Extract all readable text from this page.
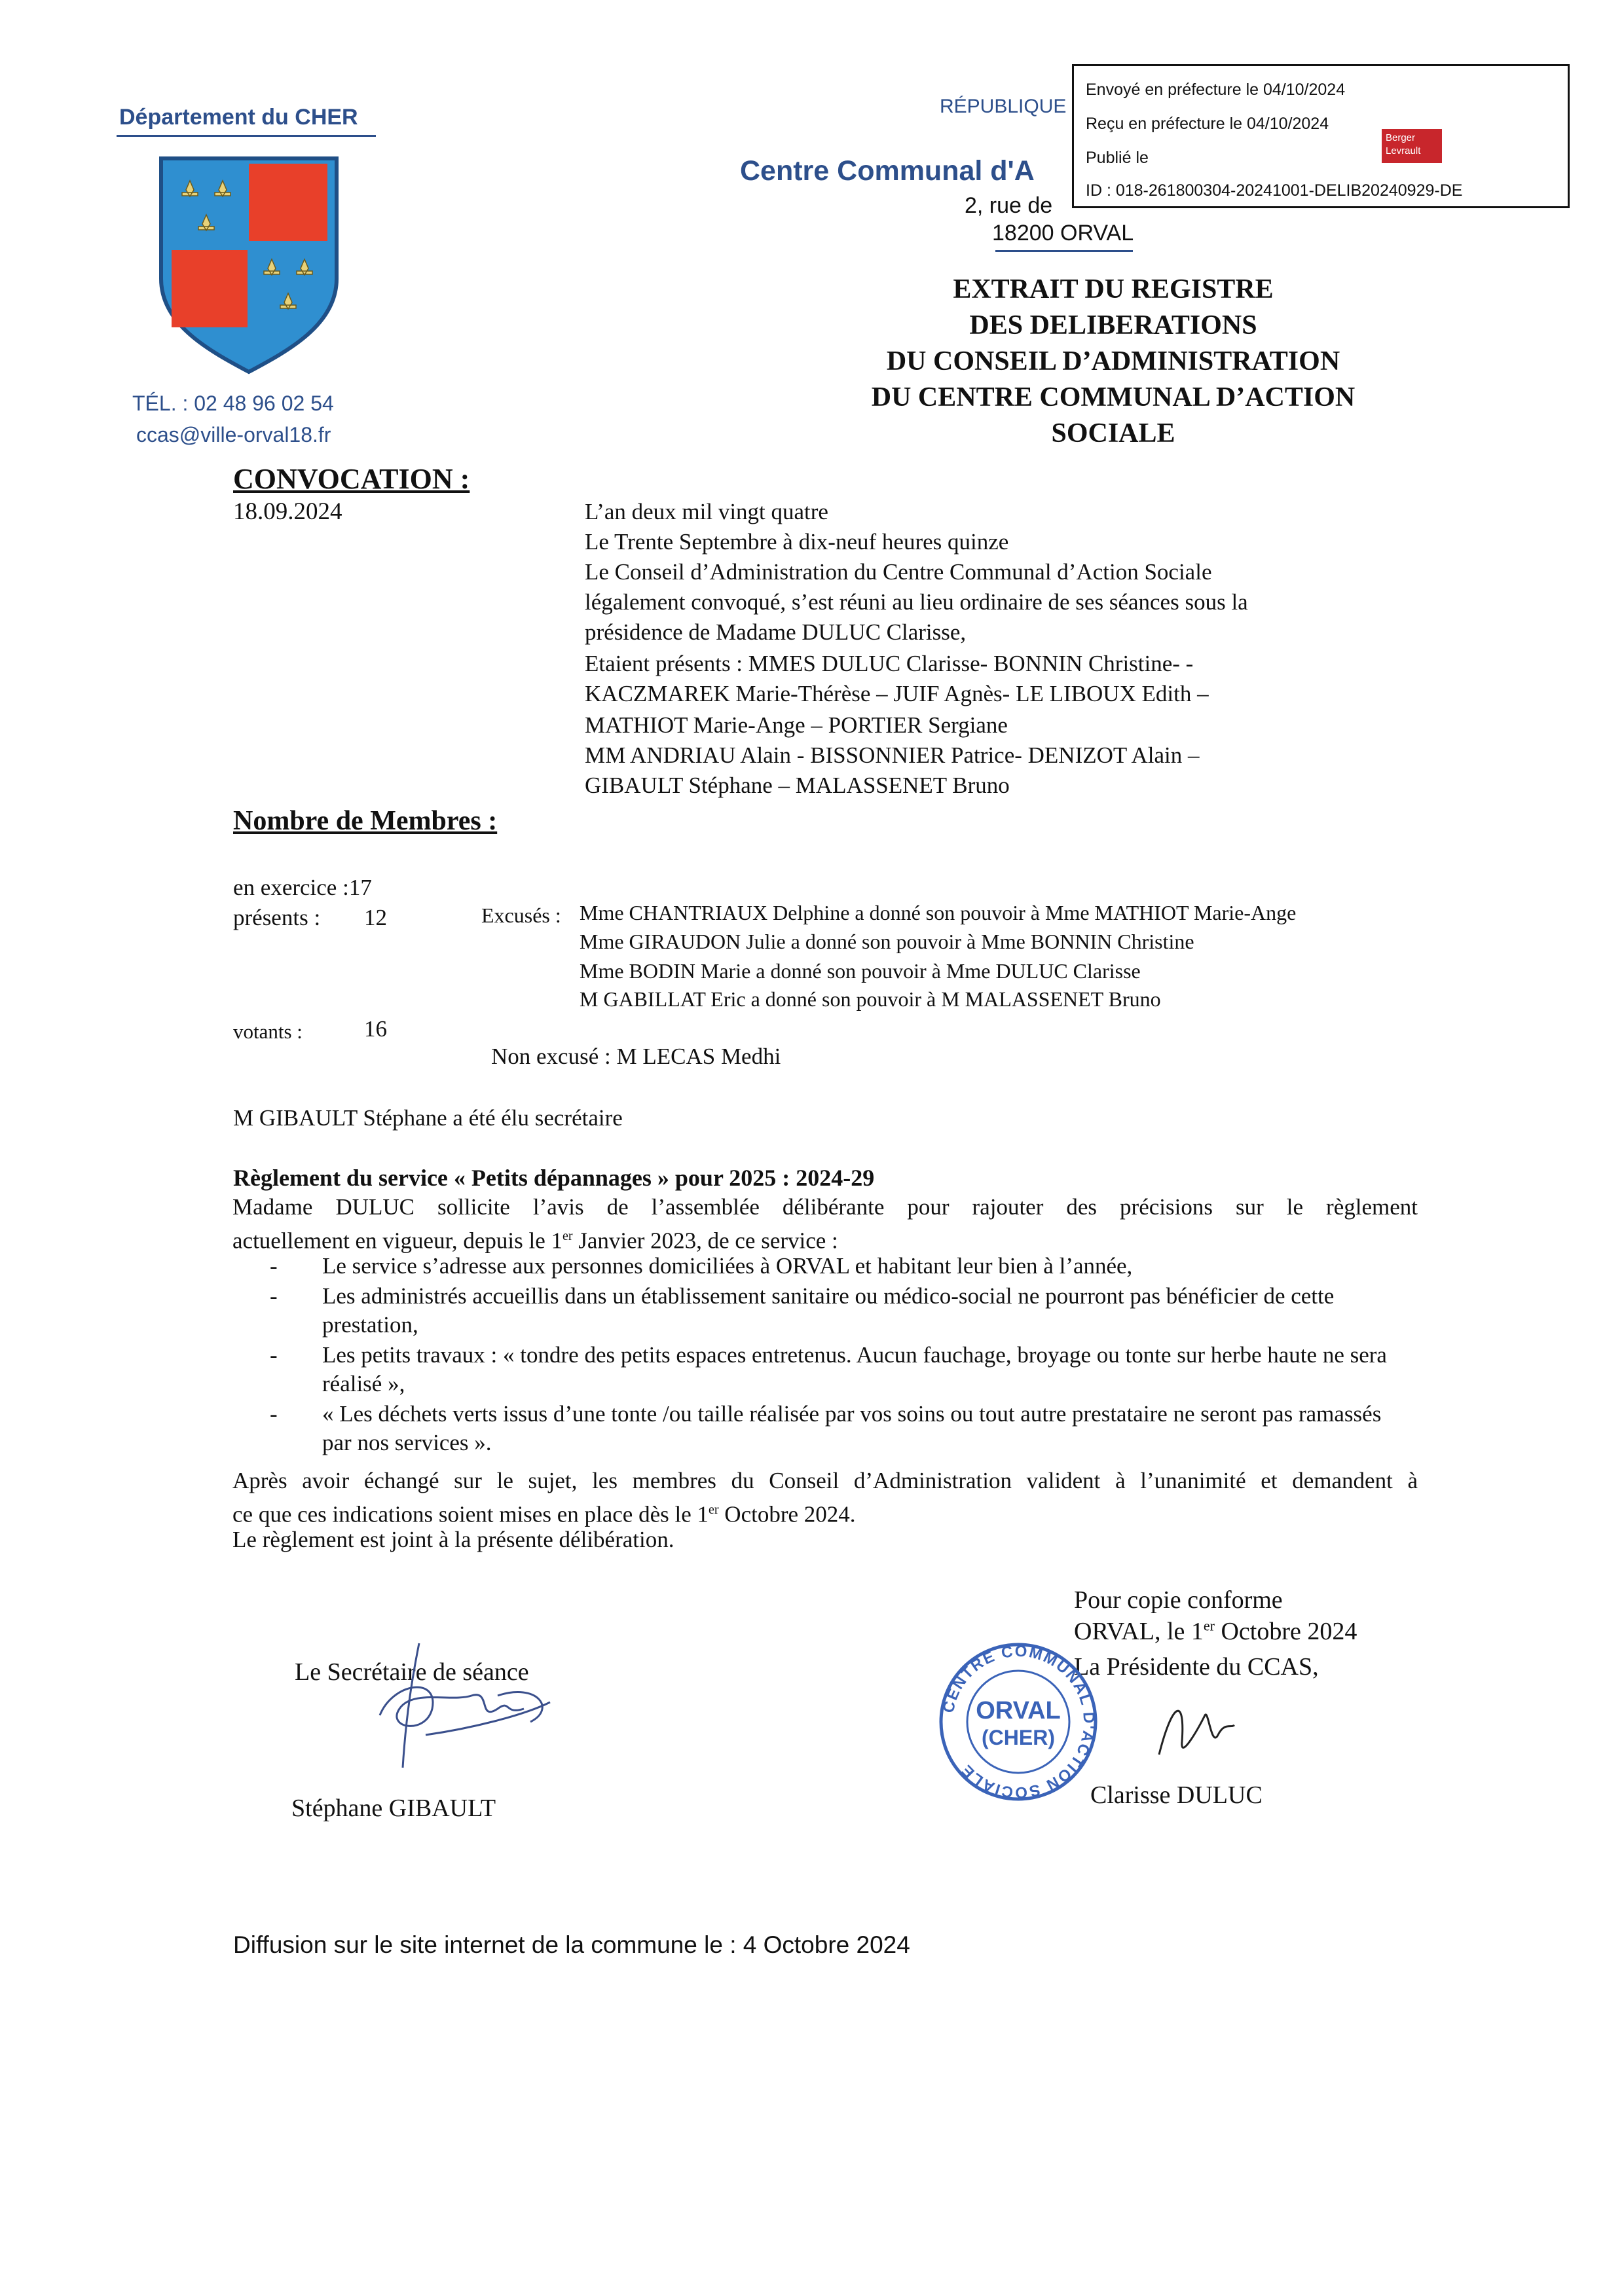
Envoyé en préfecture le 04/10/2024
Reçu en préfecture le 04/10/2024
Publié le
ID : 018-261800304-20241001-DELIB20240929-DE
Berger
Levrault
Département du CHER
TÉL. : 02 48 96 02 54
ccas@ville-orval18.fr
RÉPUBLIQUE
Centre Communal d'A
2, rue de
18200 ORVAL
EXTRAIT DU REGISTRE
DES DELIBERATIONS
DU CONSEIL D’ADMINISTRATION
DU CENTRE COMMUNAL D’ACTION
SOCIALE
CONVOCATION :
18.09.2024	L’an deux mil vingt quatre
Le Trente Septembre à dix-neuf heures quinze
Le Conseil d’Administration du Centre Communal d’Action Sociale
légalement convoqué, s’est réuni au lieu ordinaire de ses séances sous la
présidence de Madame DULUC Clarisse,
Etaient présents : MMES DULUC Clarisse- BONNIN Christine- -
KACZMAREK Marie-Thérèse – JUIF Agnès- LE LIBOUX Edith –
MATHIOT Marie-Ange – PORTIER Sergiane
MM ANDRIAU Alain - BISSONNIER Patrice- DENIZOT Alain –
GIBAULT Stéphane – MALASSENET Bruno
Nombre de Membres :
en exercice :17
présents : 12
votants :	16
Excusés : Mme CHANTRIAUX Delphine a donné son pouvoir à Mme MATHIOT Marie-Ange
Mme GIRAUDON Julie a donné son pouvoir à Mme BONNIN Christine
Mme BODIN Marie a donné son pouvoir à Mme DULUC Clarisse
M GABILLAT Eric a donné son pouvoir à M MALASSENET Bruno
Non excusé : M LECAS Medhi
M GIBAULT Stéphane a été élu secrétaire
Règlement du service « Petits dépannages » pour 2025 : 2024-29
Madame DULUC sollicite l’avis de l’assemblée délibérante pour rajouter des précisions sur le règlement
actuellement en vigueur, depuis le 1er Janvier 2023, de ce service :
- Le service s’adresse aux personnes domiciliées à ORVAL et habitant leur bien à l’année,
- Les administrés accueillis dans un établissement sanitaire ou médico-social ne pourront pas bénéficier de cette prestation,
- Les petits travaux : « tondre des petits espaces entretenus. Aucun fauchage, broyage ou tonte sur herbe haute ne sera réalisé »,
- « Les déchets verts issus d’une tonte /ou taille réalisée par vos soins ou tout autre prestataire ne seront pas ramassés par nos services ».
Après avoir échangé sur le sujet, les membres du Conseil d’Administration valident à l’unanimité et demandent à
ce que ces indications soient mises en place dès le 1er Octobre 2024.
Le règlement est joint à la présente délibération.
Pour copie conforme
ORVAL, le 1er Octobre 2024
La Présidente du CCAS,
Clarisse DULUC
Le Secrétaire de séance
Stéphane GIBAULT
CENTRE COMMUNAL D'ACTION SOCIALE
ORVAL
(CHER)
Diffusion sur le site internet de la commune le : 4 Octobre 2024
